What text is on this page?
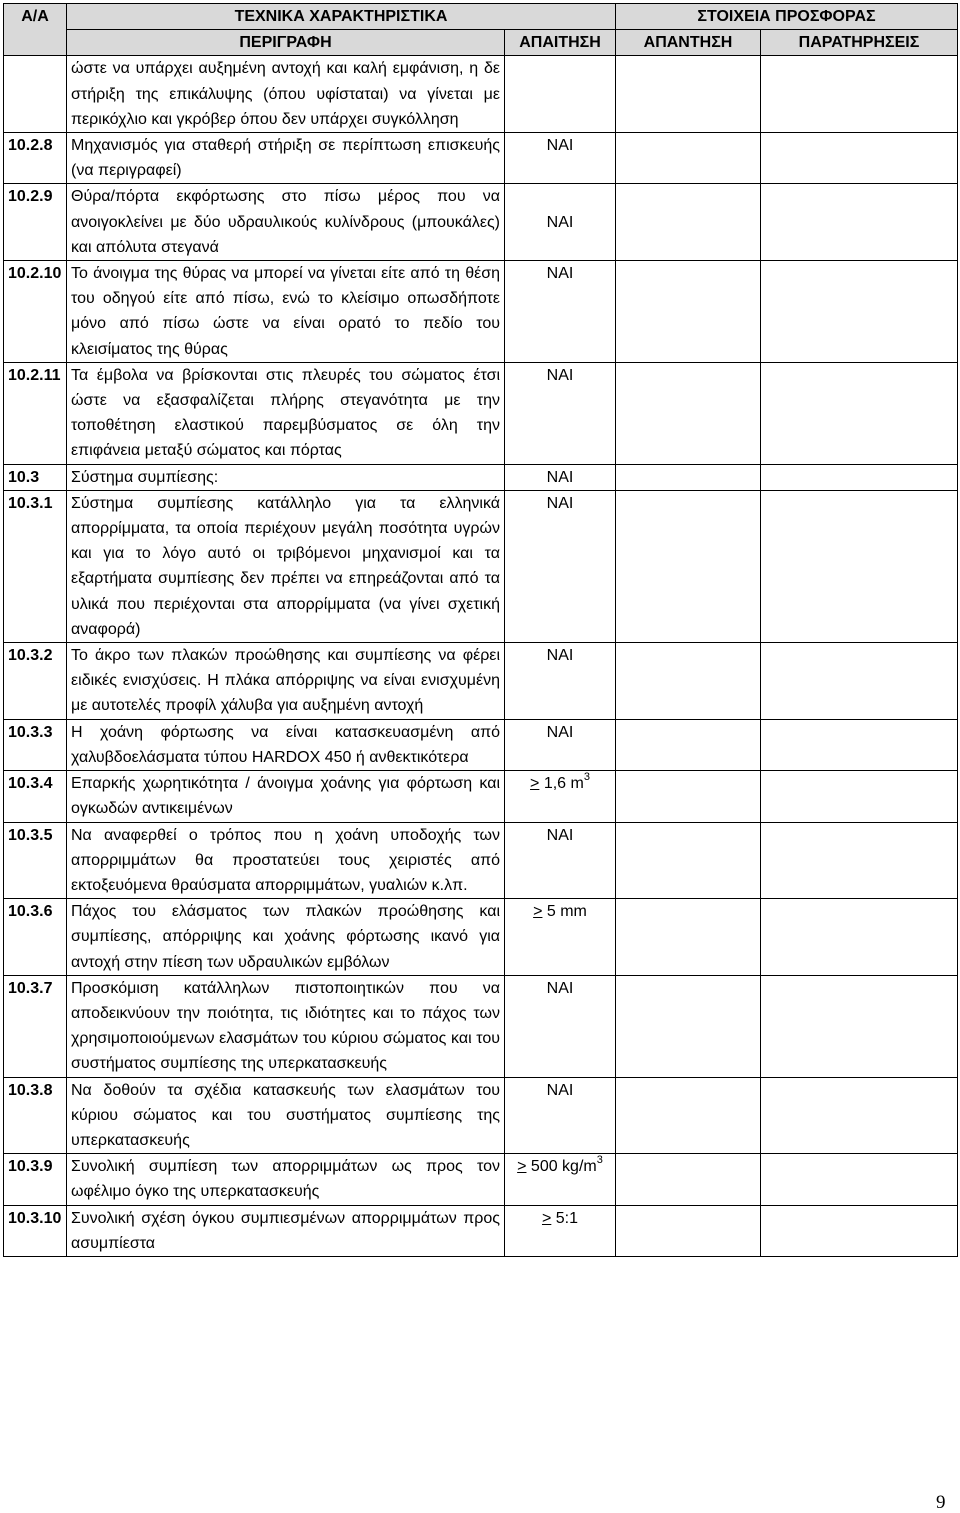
Α/Α	ΤΕΧΝΙΚΑ ΧΑΡΑΚΤΗΡΙΣΤΙΚΑ		ΣΤΟΙΧΕΙΑ ΠΡΟΣΦΟΡΑΣ	
	ΠΕΡΙΓΡΑΦΗ	ΑΠΑΙΤΗΣΗ	ΑΠΑΝΤΗΣΗ	ΠΑΡΑΤΗΡΗΣΕΙΣ
	ώστε να υπάρχει αυξημένη αντοχή και καλή εμφάνιση, η δε στήριξη της επικάλυψης (όπου υφίσταται) να γίνεται με περικόχλιο και γκρόβερ όπου δεν υπάρχει συγκόλληση			
10.2.8	Μηχανισμός για σταθερή στήριξη σε περίπτωση επισκευής (να περιγραφεί)	ΝΑΙ		
10.2.9	Θύρα/πόρτα εκφόρτωσης στο πίσω μέρος που να ανοιγοκλείνει με δύο υδραυλικούς κυλίνδρους (μπουκάλες) και απόλυτα στεγανά	ΝΑΙ		
10.2.10	Το άνοιγμα της θύρας να μπορεί να γίνεται είτε από τη θέση του οδηγού είτε από πίσω, ενώ το κλείσιμο οπωσδήποτε μόνο από πίσω ώστε να είναι ορατό το πεδίο του κλεισίματος της θύρας	ΝΑΙ		
10.2.11	Τα έμβολα να βρίσκονται στις πλευρές του σώματος έτσι ώστε να εξασφαλίζεται πλήρης στεγανότητα με την τοποθέτηση ελαστικού παρεμβύσματος σε όλη την επιφάνεια μεταξύ σώματος και πόρτας	ΝΑΙ		
10.3	Σύστημα συμπίεσης:	ΝΑΙ		
10.3.1	Σύστημα συμπίεσης κατάλληλο για τα ελληνικά απορρίμματα, τα οποία περιέχουν μεγάλη ποσότητα υγρών και για το λόγο αυτό οι τριβόμενοι μηχανισμοί και τα εξαρτήματα συμπίεσης δεν πρέπει να επηρεάζονται από τα υλικά που περιέχονται στα απορρίμματα (να γίνει σχετική αναφορά)	ΝΑΙ		
10.3.2	Το άκρο των πλακών προώθησης και συμπίεσης να φέρει ειδικές ενισχύσεις. Η πλάκα απόρριψης να είναι ενισχυμένη με αυτοτελές προφίλ χάλυβα για αυξημένη αντοχή	ΝΑΙ		
10.3.3	Η χοάνη φόρτωσης να είναι κατασκευασμένη από χαλυβδοελάσματα τύπου HARDOX 450 ή ανθεκτικότερα	ΝΑΙ		
10.3.4	Επαρκής χωρητικότητα / άνοιγμα χοάνης για φόρτωση και ογκωδών αντικειμένων	≥ 1,6 $m^3$		
10.3.5	Να αναφερθεί ο τρόπος που η χοάνη υποδοχής των απορριμμάτων θα προστατεύει τους χειριστές από εκτοξευόμενα θραύσματα απορριμμάτων, γυαλιών κ.λπ.	ΝΑΙ		
10.3.6	Πάχος του ελάσματος των πλακών προώθησης και συμπίεσης, απόρριψης και χοάνης φόρτωσης ικανό για αντοχή στην πίεση των υδραυλικών εμβόλων	≥ 5 mm		
10.3.7	Προσκόμιση κατάλληλων πιστοποιητικών που να αποδεικνύουν την ποιότητα, τις ιδιότητες και το πάχος των χρησιμοποιούμενων ελασμάτων του κύριου σώματος και του συστήματος συμπίεσης της υπερκατασκευής	ΝΑΙ		
10.3.8	Να δοθούν τα σχέδια κατασκευής των ελασμάτων του κύριου σώματος και του συστήματος συμπίεσης της υπερκατασκευής	ΝΑΙ		
10.3.9	Συνολική συμπίεση των απορριμμάτων ως προς τον ωφέλιμο όγκο της υπερκατασκευής	≥ 500 $kg/m^3$		
10.3.10	Συνολική σχέση όγκου συμπιεσμένων απορριμμάτων προς ασυμπίεστα	≥ 5:1		
9
